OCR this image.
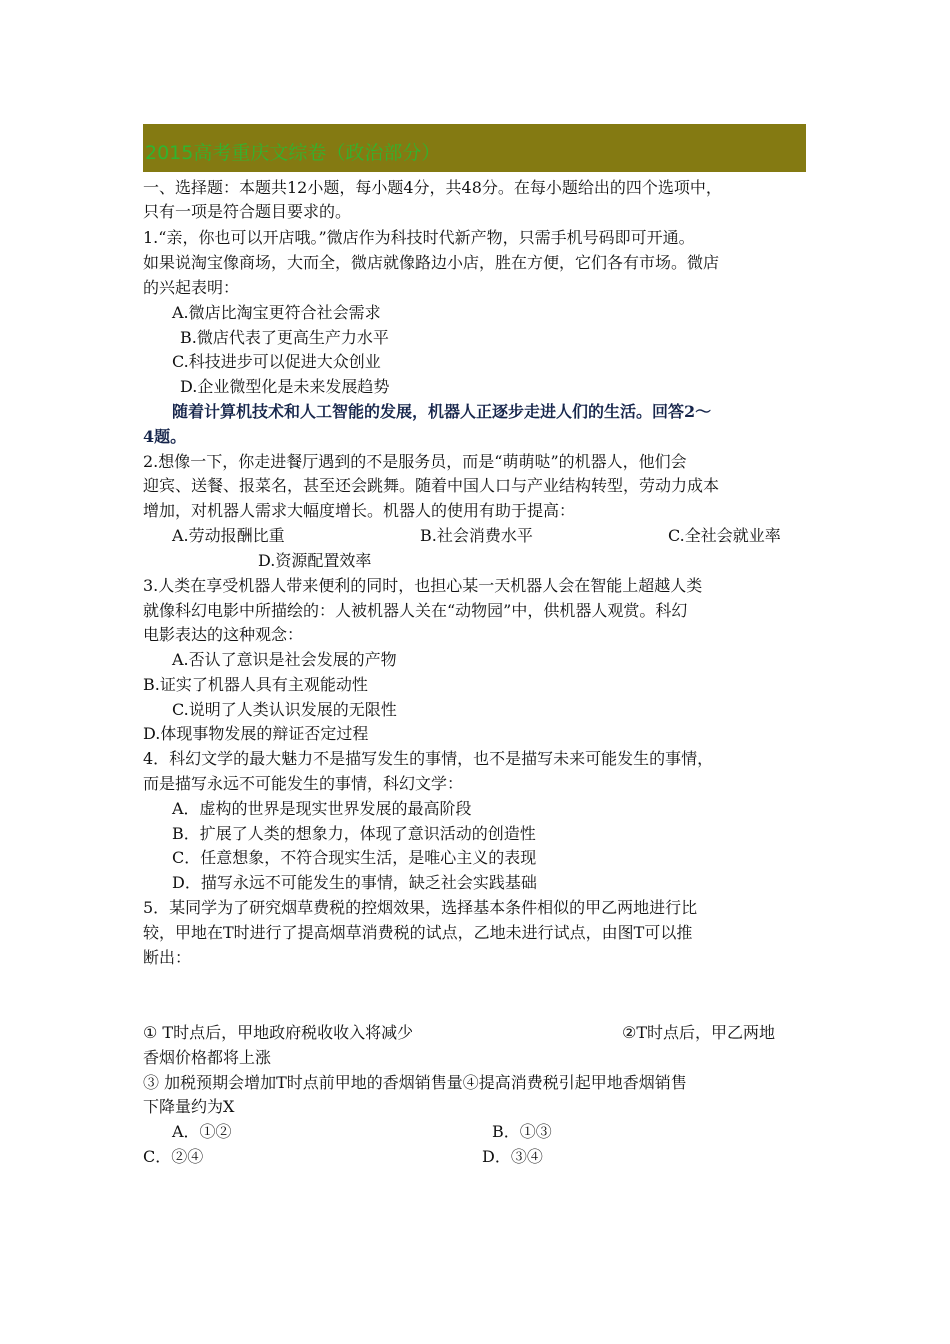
2015高考重庆文综卷（政治部分）
一、选择题：本题共12小题，每小题4分，共48分。在每小题给出的四个选项中，
只有一项是符合题目要求的。
1.“亲，你也可以开店哦。”微店作为科技时代新产物，只需手机号码即可开通。
如果说淘宝像商场，大而全，微店就像路边小店，胜在方便，它们各有市场。微店
的兴起表明：
A.微店比淘宝更符合社会需求
B.微店代表了更高生产力水平
C.科技进步可以促进大众创业
D.企业微型化是未来发展趋势
随着计算机技术和人工智能的发展，机器人正逐步走进人们的生活。回答2～
4题。
2.想像一下，你走进餐厅遇到的不是服务员，而是“萌萌哒”的机器人，他们会
迎宾、送餐、报菜名，甚至还会跳舞。随着中国人口与产业结构转型，劳动力成本
增加，对机器人需求大幅度增长。机器人的使用有助于提高：
A.劳动报酬比重	B.社会消费水平	C.全社会就业率
D.资源配置效率
3.人类在享受机器人带来便利的同时，也担心某一天机器人会在智能上超越人类
就像科幻电影中所描绘的：人被机器人关在“动物园”中，供机器人观赏。科幻
电影表达的这种观念：
A.否认了意识是社会发展的产物
B.证实了机器人具有主观能动性
C.说明了人类认识发展的无限性
D.体现事物发展的辩证否定过程
4．科幻文学的最大魅力不是描写发生的事情，也不是描写未来可能发生的事情，
而是描写永远不可能发生的事情，科幻文学：
A．虚构的世界是现实世界发展的最高阶段
B．扩展了人类的想象力，体现了意识活动的创造性
C．任意想象，不符合现实生活，是唯心主义的表现
D．描写永远不可能发生的事情，缺乏社会实践基础
5．某同学为了研究烟草费税的控烟效果，选择基本条件相似的甲乙两地进行比
较，甲地在T时进行了提高烟草消费税的试点，乙地未进行试点，由图T可以推
断出：
① T时点后，甲地政府税收收入将减少	②T时点后，甲乙两地
香烟价格都将上涨
③ 加税预期会增加T时点前甲地的香烟销售量④提高消费税引起甲地香烟销售
下降量约为X
A．①②	B．①③
C．②④	D．③④
